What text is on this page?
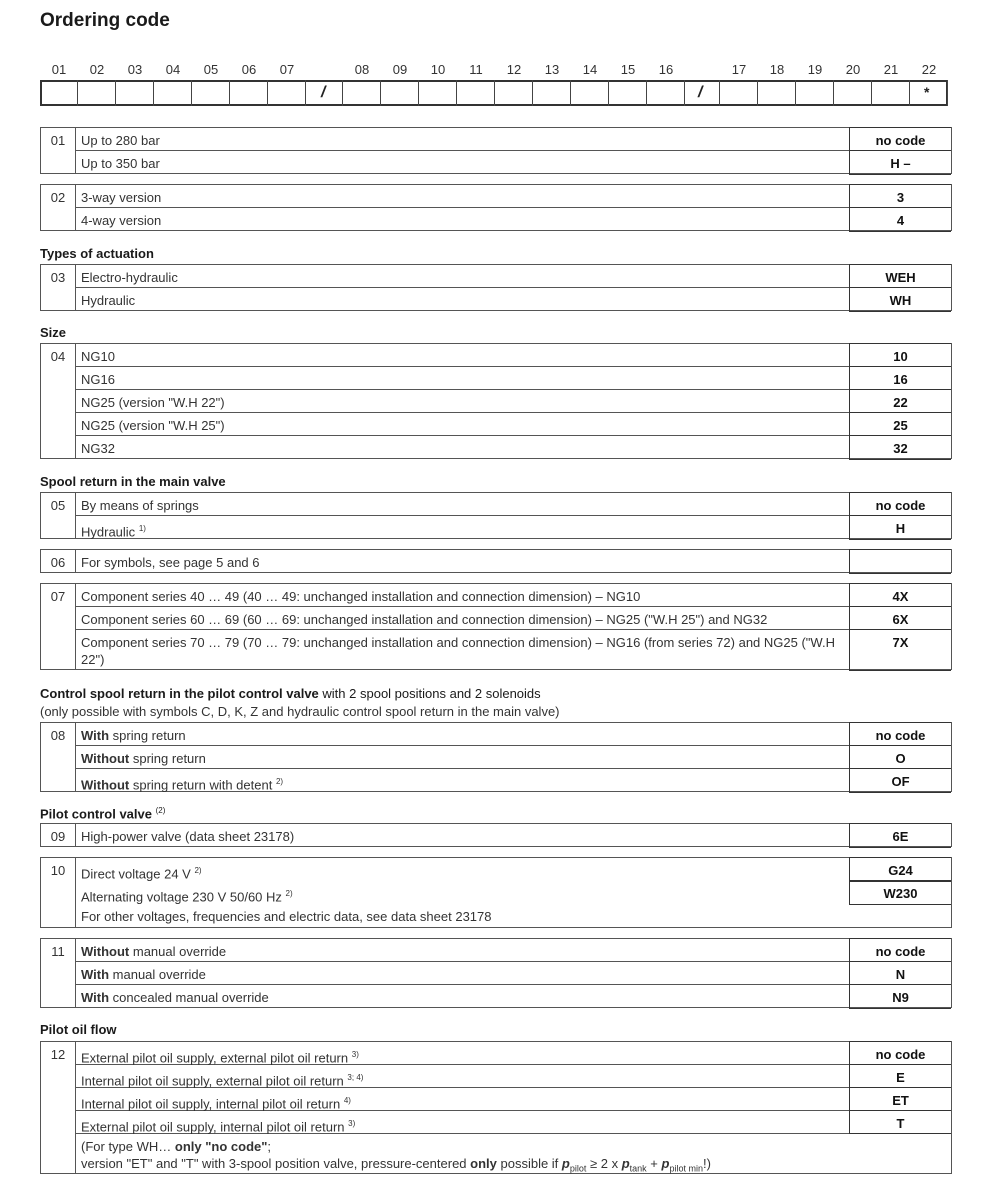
Ordering code
01	02	03	04	05	06	07	08	09	10	11	12	13	14	15	16	17	18	19	20	21	22
/	/	*
01	Up to 280 bar	no code
Up to 350 bar	H –
02	3-way version	3
4-way version	4
Types of actuation
03	Electro-hydraulic	WEH
Hydraulic	WH
Size
04	NG10	10
NG16	16
NG25 (version "W.H 22")	22
NG25 (version "W.H 25")	25
NG32	32
Spool return in the main valve
05	By means of springs	no code
Hydraulic $^{1)}$	H
06	For symbols, see page 5 and 6
07	Component series 40 … 49 (40 … 49: unchanged installation and connection dimension) – NG10	4X
Component series 60 … 69 (60 … 69: unchanged installation and connection dimension) – NG25 ("W.H 25") and NG32	6X
Component series 70 … 79 (70 … 79: unchanged installation and connection dimension) – NG16 (from series 72) and NG25 ("W.H 22")
7X
Control spool return in the pilot control valve with 2 spool positions and 2 solenoids
(only possible with symbols C, D, K, Z and hydraulic control spool return in the main valve)
08	With spring return	no code
Without spring return	O
Without spring return with detent $^{2)}$	OF
Pilot control valve $^{(2)}$
09	High-power valve (data sheet 23178)	6E
10	Direct voltage 24 V $^{2)}$	G24
Alternating voltage 230 V 50/60 Hz $^{2)}$	W230
For other voltages, frequencies and electric data, see data sheet 23178
11	Without manual override	no code
With manual override	N
With concealed manual override	N9
Pilot oil flow
12	External pilot oil supply, external pilot oil return $^{3)}$	no code
Internal pilot oil supply, external pilot oil return $^{3; 4)}$	E
Internal pilot oil supply, internal pilot oil return $^{4)}$	ET
External pilot oil supply, internal pilot oil return $^{3)}$	T
(For type WH… only "no code";
version "ET" and "T" with 3-spool position valve, pressure-centered only possible if $p_{pilot} \ge 2$ x $p_{tank} + p_{pilot min}$!)
